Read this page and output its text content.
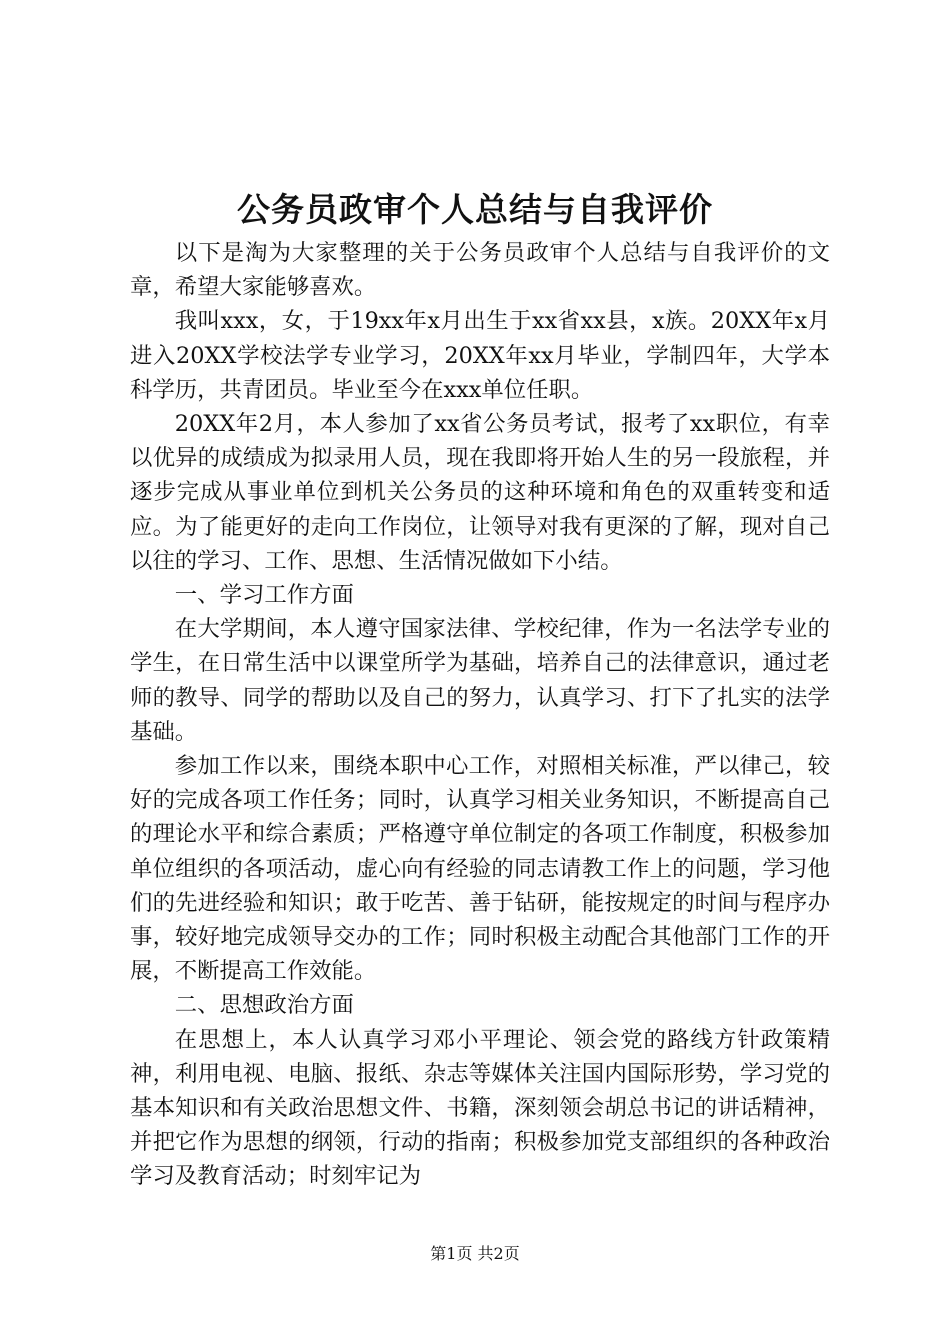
公务员政审个人总结与自我评价

以下是淘为大家整理的关于公务员政审个人总结与自我评价的文章，希望大家能够喜欢。

我叫xxx，女，于19xx年x月出生于xx省xx县，x族。20XX年x月进入20XX学校法学专业学习，20XX年xx月毕业，学制四年，大学本科学历，共青团员。毕业至今在xxx单位任职。

20XX年2月，本人参加了xx省公务员考试，报考了xx职位，有幸以优异的成绩成为拟录用人员，现在我即将开始人生的另一段旅程，并逐步完成从事业单位到机关公务员的这种环境和角色的双重转变和适应。为了能更好的走向工作岗位，让领导对我有更深的了解，现对自己以往的学习、工作、思想、生活情况做如下小结。

一、学习工作方面

在大学期间，本人遵守国家法律、学校纪律，作为一名法学专业的学生，在日常生活中以课堂所学为基础，培养自己的法律意识，通过老师的教导、同学的帮助以及自己的努力，认真学习、打下了扎实的法学基础。

参加工作以来，围绕本职中心工作，对照相关标准，严以律己，较好的完成各项工作任务；同时，认真学习相关业务知识，不断提高自己的理论水平和综合素质；严格遵守单位制定的各项工作制度，积极参加单位组织的各项活动，虚心向有经验的同志请教工作上的问题，学习他们的先进经验和知识；敢于吃苦、善于钻研，能按规定的时间与程序办事，较好地完成领导交办的工作；同时积极主动配合其他部门工作的开展，不断提高工作效能。

二、思想政治方面

在思想上，本人认真学习邓小平理论、领会党的路线方针政策精神，利用电视、电脑、报纸、杂志等媒体关注国内国际形势，学习党的基本知识和有关政治思想文件、书籍，深刻领会胡总书记的讲话精神，并把它作为思想的纲领，行动的指南；积极参加党支部组织的各种政治学习及教育活动；时刻牢记为

第1页 共2页
